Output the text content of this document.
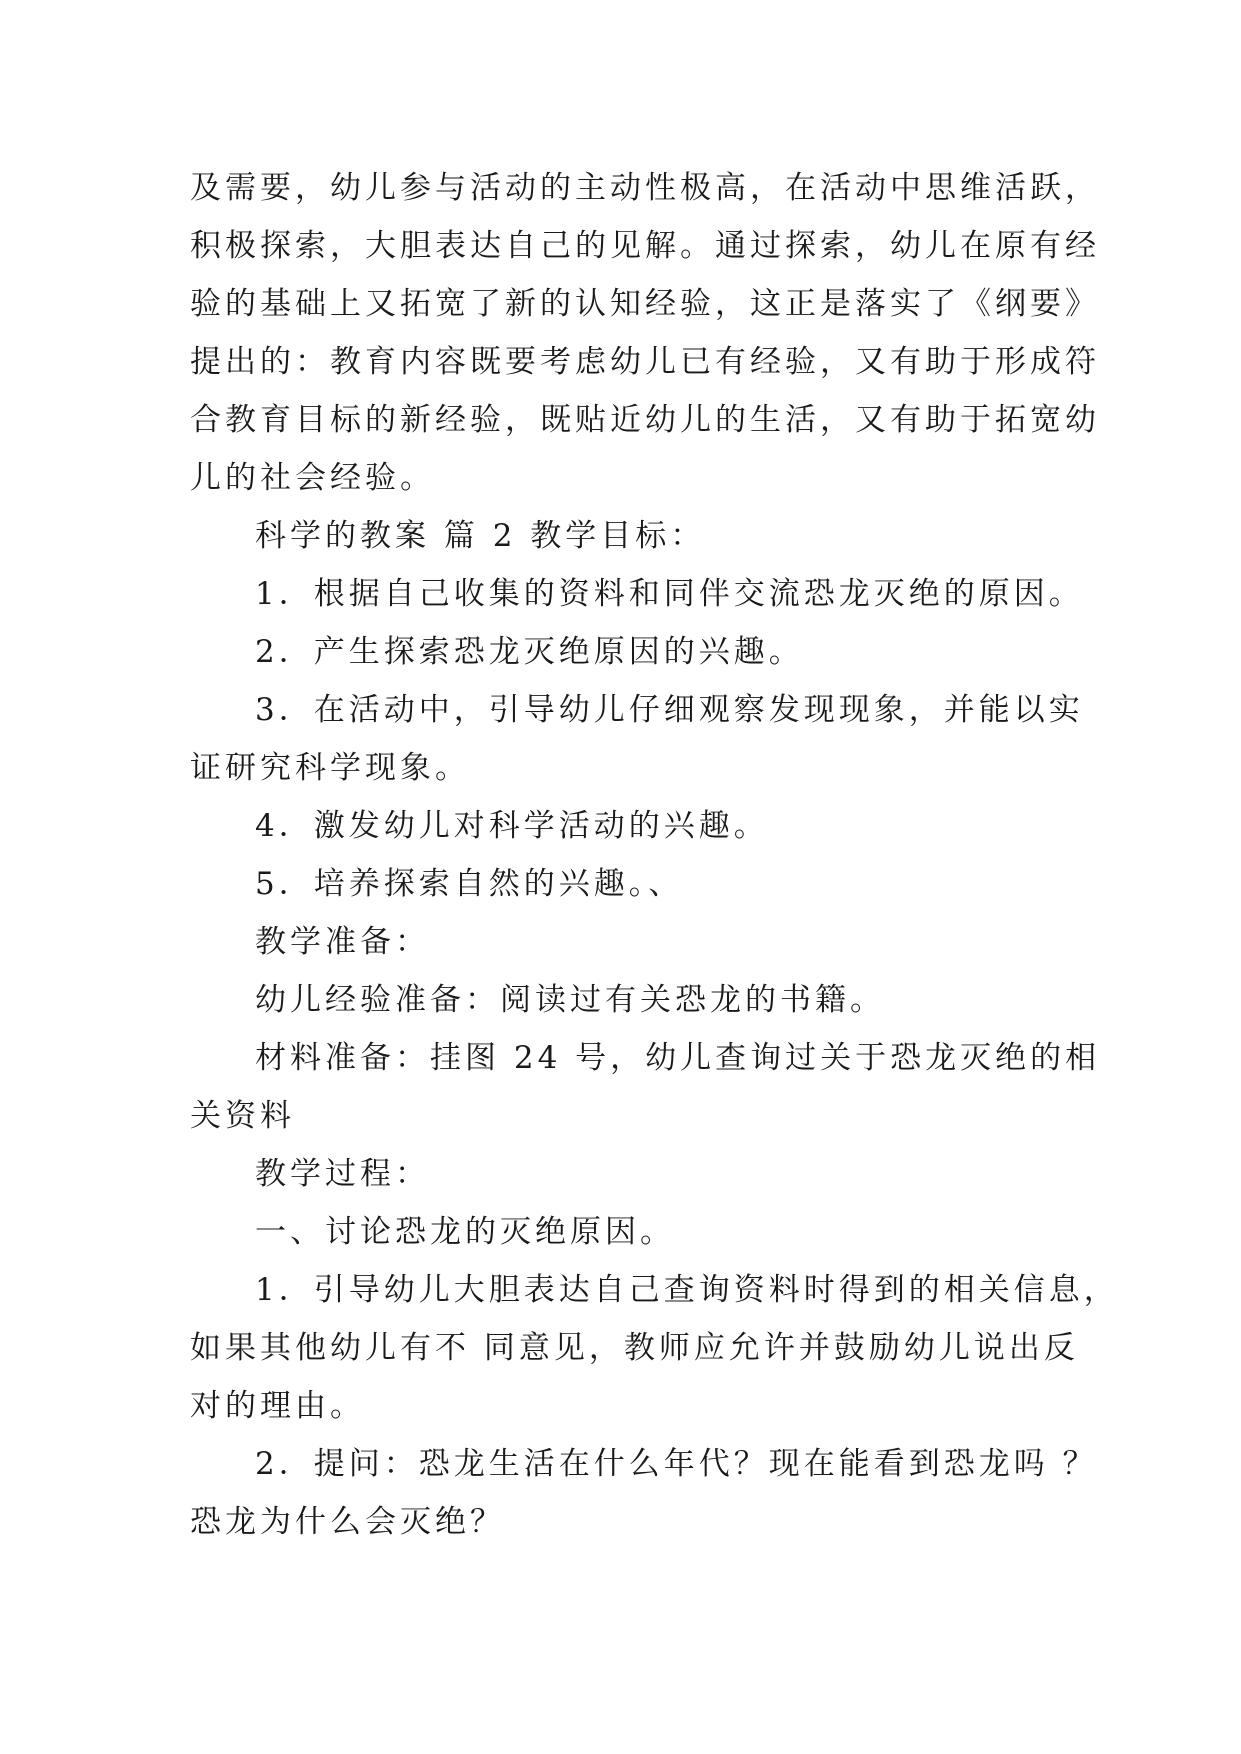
及需要，幼儿参与活动的主动性极高，在活动中思维活跃，
积极探索，大胆表达自己的见解。通过探索，幼儿在原有经
验的基础上又拓宽了新的认知经验，这正是落实了《纲要》
提出的：教育内容既要考虑幼儿已有经验，又有助于形成符
合教育目标的新经验，既贴近幼儿的生活，又有助于拓宽幼
儿的社会经验。
科学的教案 篇 2 教学目标：
1．根据自己收集的资料和同伴交流恐龙灭绝的原因。
2．产生探索恐龙灭绝原因的兴趣。
3．在活动中，引导幼儿仔细观察发现现象，并能以实
证研究科学现象。
4．激发幼儿对科学活动的兴趣。
5．培养探索自然的兴趣。、
教学准备：
幼儿经验准备：阅读过有关恐龙的书籍。
材料准备：挂图 24 号，幼儿查询过关于恐龙灭绝的相
关资料
教学过程：
一、讨论恐龙的灭绝原因。
1．引导幼儿大胆表达自己查询资料时得到的相关信息，
如果其他幼儿有不 同意见，教师应允许并鼓励幼儿说出反
对的理由。
2．提问：恐龙生活在什么年代？现在能看到恐龙吗 ？
恐龙为什么会灭绝？
